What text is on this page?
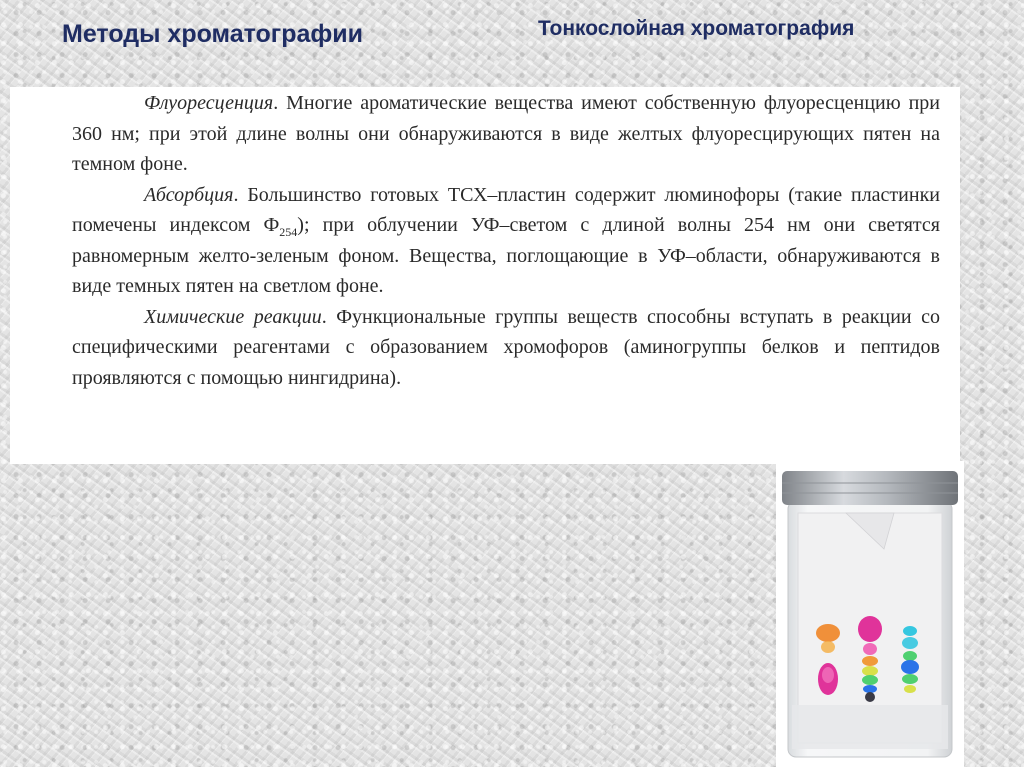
Методы хроматографии	Тонкослойная хроматография

Флуоресценция. Многие ароматические вещества имеют собственную флуоресценцию при 360 нм; при этой длине волны они обнаруживаются в виде желтых флуоресцирующих пятен на темном фоне.

Абсорбция. Большинство готовых ТСХ–пластин содержит люминофоры (такие пластинки помечены индексом $Ф_{254}$); при облучении УФ–светом с длиной волны 254 нм они светятся равномерным желто-зеленым фоном. Вещества, поглощающие в УФ–области, обнаруживаются в виде темных пятен на светлом фоне.

Химические реакции. Функциональные группы веществ способны вступать в реакции со специфическими реагентами с образованием хромофоров (аминогруппы белков и пептидов проявляются с помощью нингидрина).
